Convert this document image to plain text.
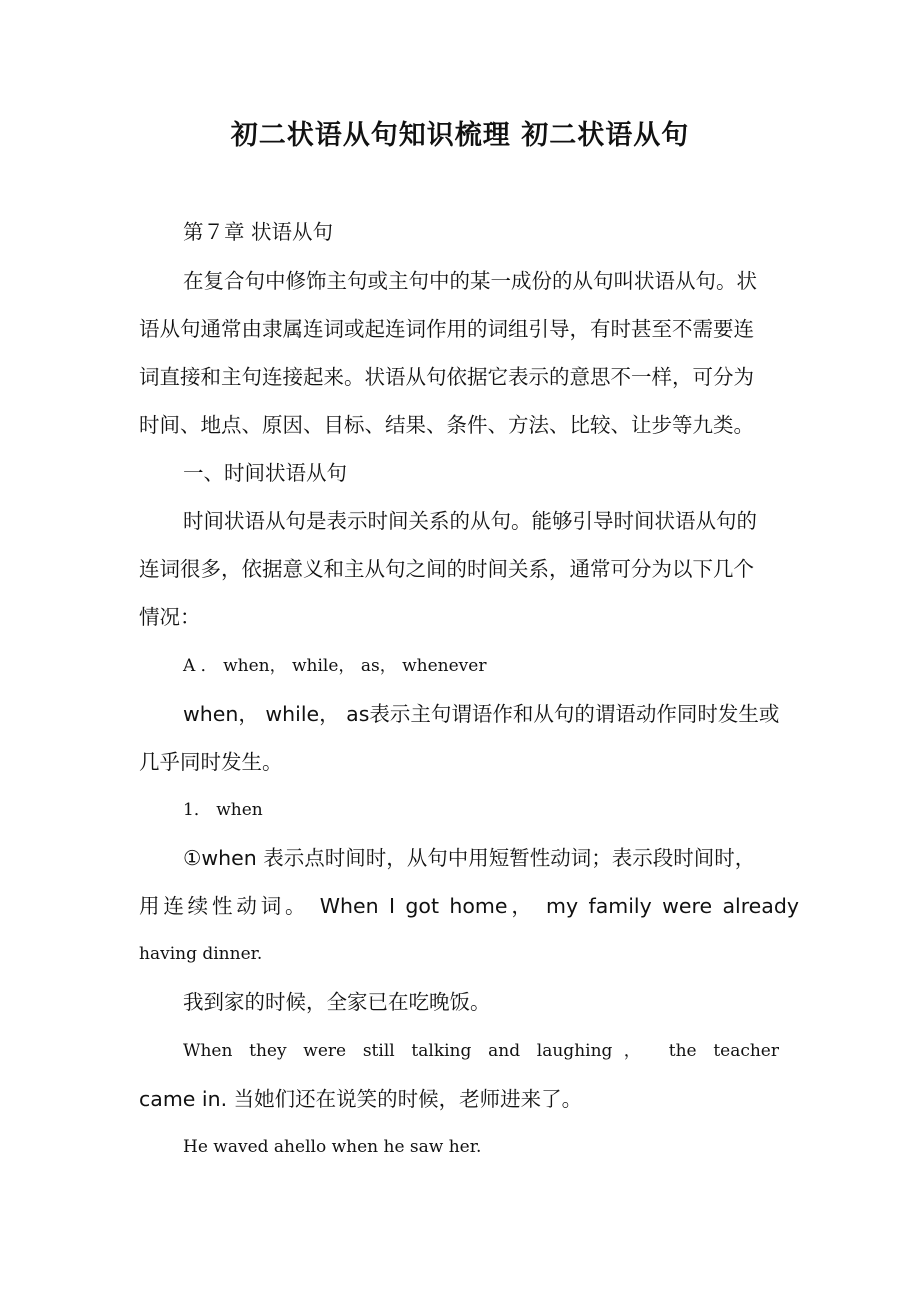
初二状语从句知识梳理 初二状语从句
第７章 状语从句
在复合句中修饰主句或主句中的某一成份的从句叫状语从句。状
语从句通常由隶属连词或起连词作用的词组引导，有时甚至不需要连
词直接和主句连接起来。状语从句依据它表示的意思不一样，可分为
时间、地点、原因、目标、结果、条件、方法、比较、让步等九类。
一、时间状语从句
时间状语从句是表示时间关系的从句。能够引导时间状语从句的
连词很多，依据意义和主从句之间的时间关系，通常可分为以下几个
情况：
A ． when， while， as， whenever
when， while， as表示主句谓语作和从句的谓语动作同时发生或
几乎同时发生。
1． when
①when 表示点时间时，从句中用短暂性动词；表示段时间时，
用连续性动词。 When I got home， my family were already
having dinner.
我到家的时候，全家已在吃晚饭。
When they were still talking and laughing， the teacher
came in. 当她们还在说笑的时候，老师进来了。
He waved ahello when he saw her.
